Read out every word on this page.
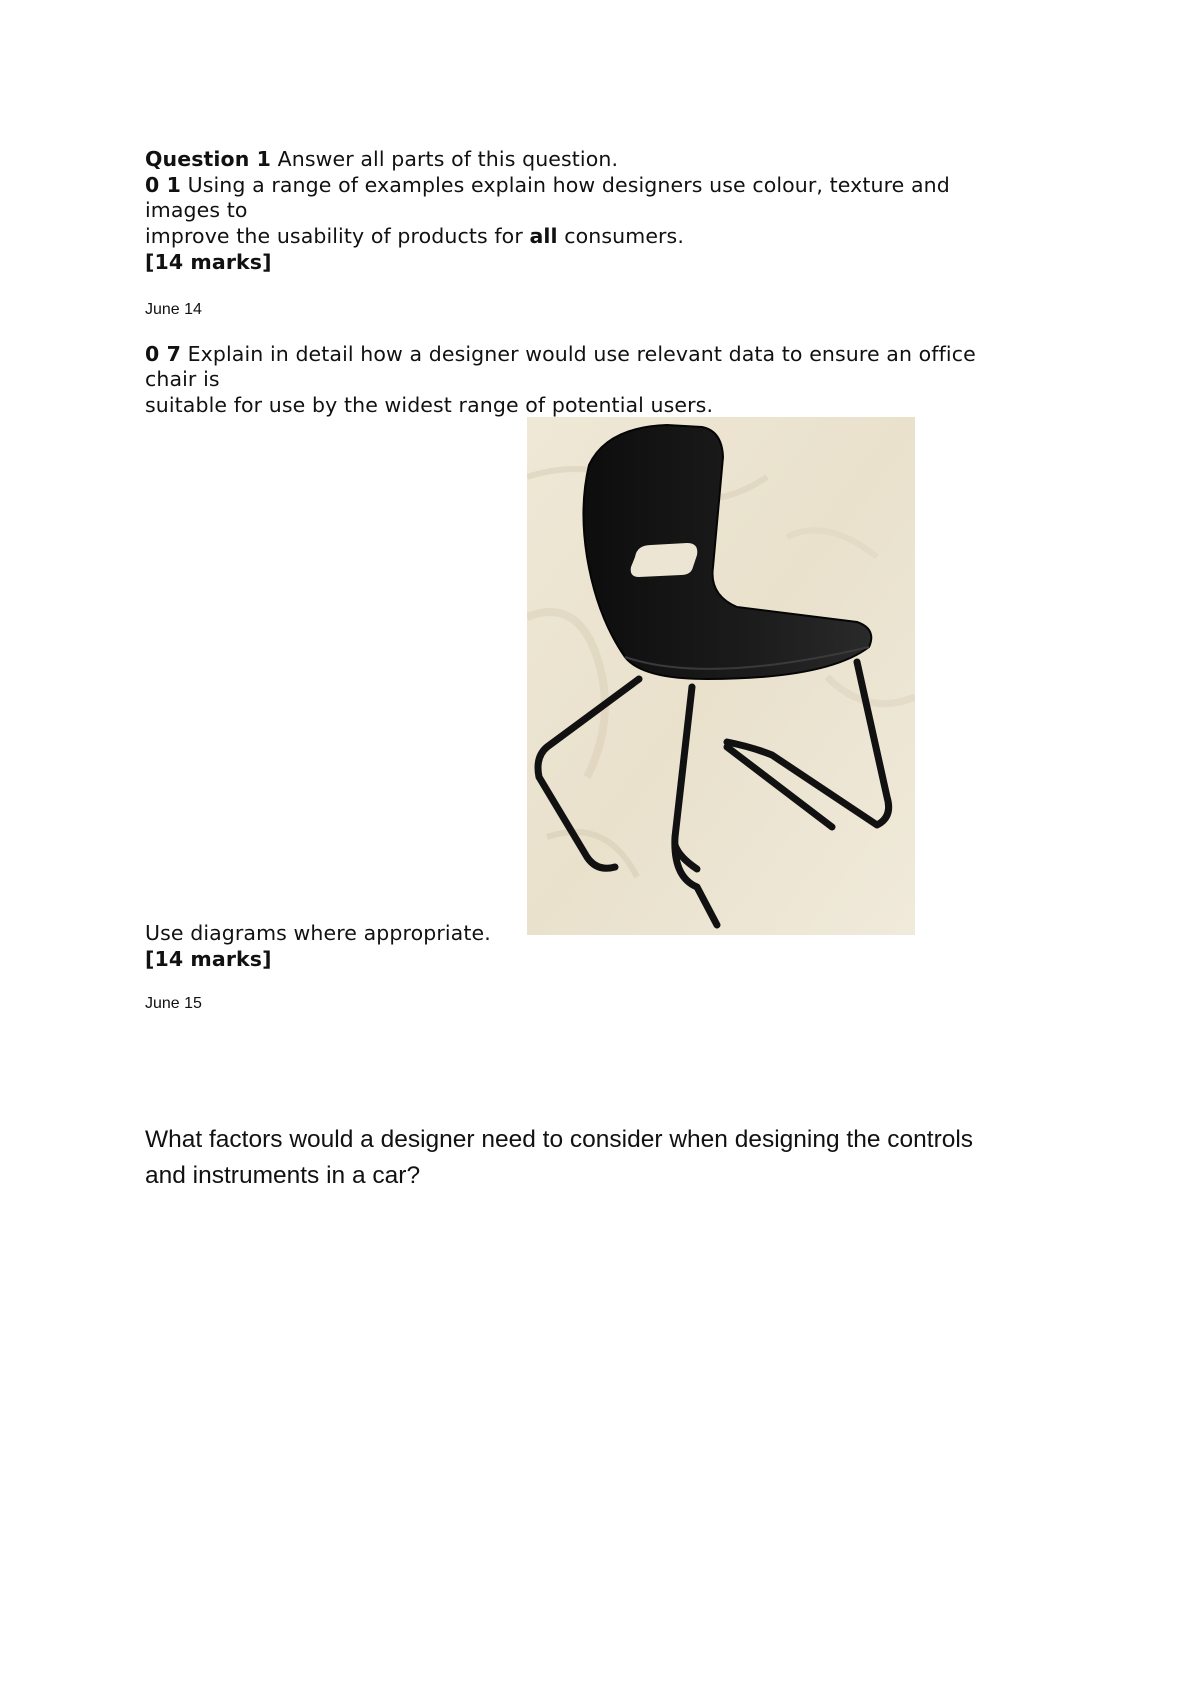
Question 1 Answer all parts of this question.
0 1 Using a range of examples explain how designers use colour, texture and
images to
improve the usability of products for all consumers.
[14 marks]
June 14
0 7 Explain in detail how a designer would use relevant data to ensure an office
chair is
suitable for use by the widest range of potential users.
Use diagrams where appropriate.
[14 marks]
June 15
What factors would a designer need to consider when designing the controls
and instruments in a car?
